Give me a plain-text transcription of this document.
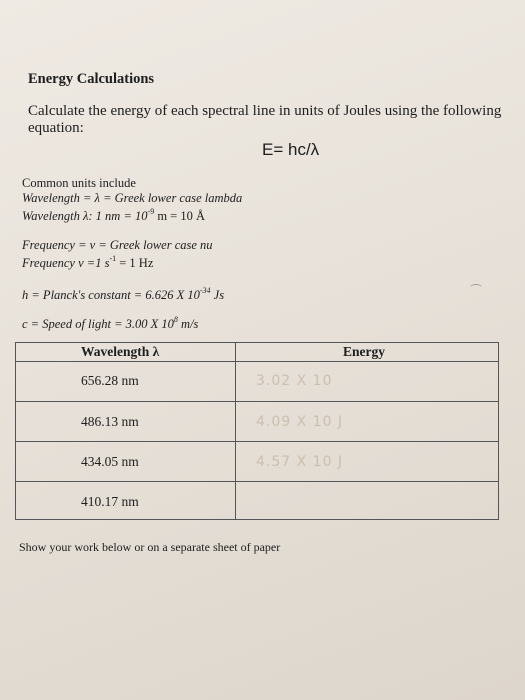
Energy Calculations
Calculate the energy of each spectral line in units of Joules using the following
equation:
E= hc/λ
Common units include
Wavelength = λ = Greek lower case lambda
Wavelength λ: 1 nm = $10^{-9}$ m = 10 Å
Frequency = v = Greek lower case nu
Frequency v =1 $s^{-1} = 1$ Hz
h = Planck's constant = 6.626 X $10^{-34}$ Js
c = Speed of light = 3.00 X $10^8$ m/s
Wavelength λ	Energy
656.28 nm	3.02 X 10
486.13 nm	4.09 X 10 J
434.05 nm	4.57 X 10 J
410.17 nm
Show your work below or on a separate sheet of paper
